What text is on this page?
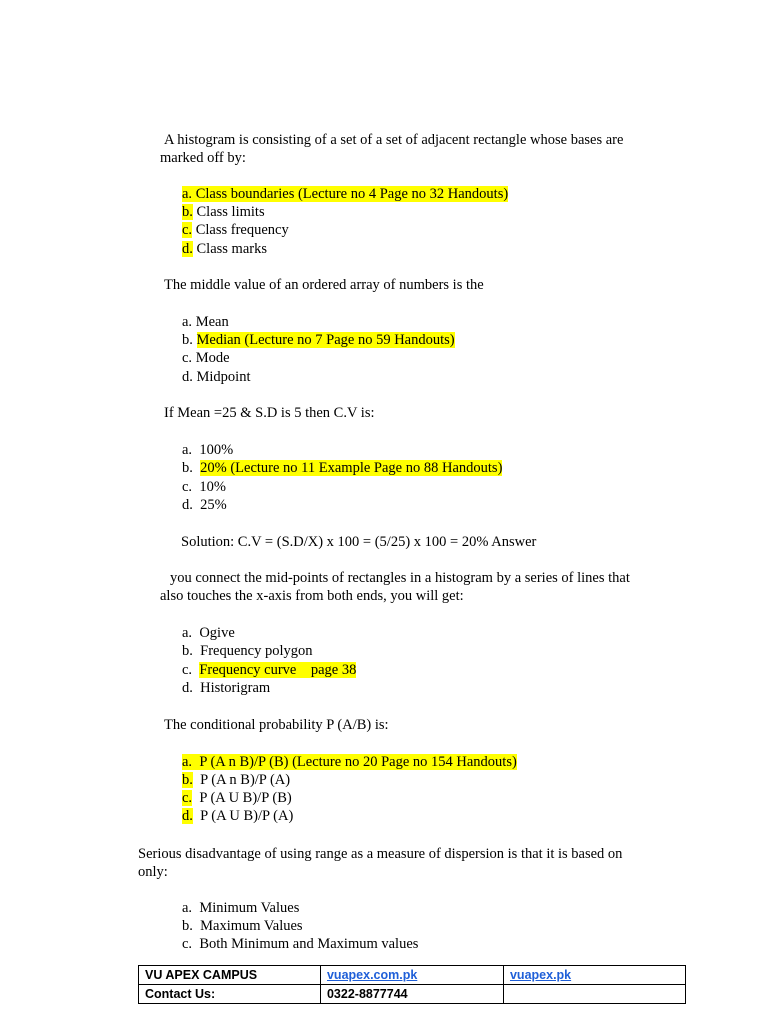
A histogram is consisting of a set of a set of adjacent rectangle whose bases are
marked off by:
a. Class boundaries (Lecture no 4 Page no 32 Handouts)
b. Class limits
c. Class frequency
d. Class marks
The middle value of an ordered array of numbers is the
a. Mean
b. Median (Lecture no 7 Page no 59 Handouts)
c. Mode
d. Midpoint
If Mean =25 & S.D is 5 then C.V is:
a. 100%
b. 20% (Lecture no 11 Example Page no 88 Handouts)
c. 10%
d. 25%
Solution: C.V = (S.D/X) x 100 = (5/25) x 100 = 20% Answer
you connect the mid-points of rectangles in a histogram by a series of lines that
also touches the x-axis from both ends, you will get:
a. Ogive
b. Frequency polygon
c. Frequency curve    page 38
d. Historigram
The conditional probability P (A/B) is:
a. P (A n B)/P (B) (Lecture no 20 Page no 154 Handouts)
b. P (A n B)/P (A)
c. P (A U B)/P (B)
d. P (A U B)/P (A)
Serious disadvantage of using range as a measure of dispersion is that it is based on
only:
a. Minimum Values
b. Maximum Values
c. Both Minimum and Maximum values
VU APEX CAMPUS	vuapex.com.pk	vuapex.pk
Contact Us:	0322-8877744	
